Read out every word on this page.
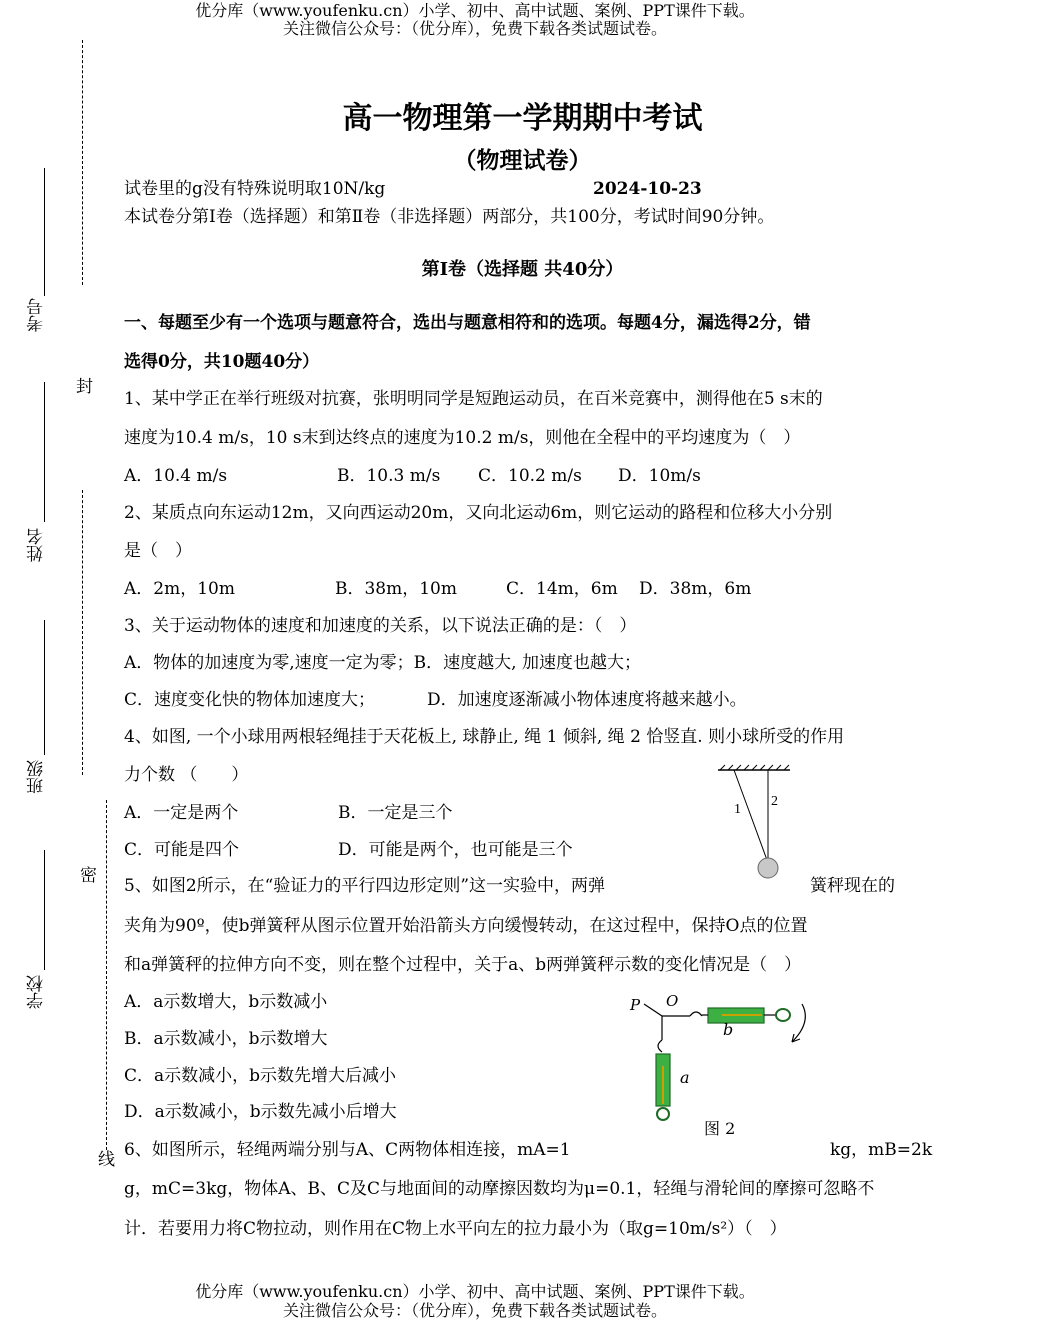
优分库（www.youfenku.cn）小学、初中、高中试题、案例、PPT课件下载。
关注微信公众号：（优分库），免费下载各类试题试卷。
考号
姓名
班级
学校
封
密
线
高一物理第一学期期中考试
（物理试卷）
试卷里的g没有特殊说明取10N/kg	2024-10-23
本试卷分第Ⅰ卷（选择题）和第Ⅱ卷（非选择题）两部分，共100分，考试时间90分钟。
第Ⅰ卷（选择题 共40分）
一、每题至少有一个选项与题意符合，选出与题意相符和的选项。每题4分，漏选得2分，错
选得0分，共10题40分）
1、某中学正在举行班级对抗赛，张明明同学是短跑运动员，在百米竞赛中，测得他在5 s末的
速度为10.4 m/s，10 s末到达终点的速度为10.2 m/s，则他在全程中的平均速度为（　）
A．10.4 m/s	B．10.3 m/s	C．10.2 m/s	D．10m/s
2、某质点向东运动12m，又向西运动20m，又向北运动6m，则它运动的路程和位移大小分别
是（　）
A．2m，10m	B．38m，10m	C．14m，6m	D．38m，6m
3、关于运动物体的速度和加速度的关系，以下说法正确的是：（　）
A．物体的加速度为零,速度一定为零；B．速度越大, 加速度也越大；
C．速度变化快的物体加速度大；	D．加速度逐渐减小物体速度将越来越小。
4、如图, 一个小球用两根轻绳挂于天花板上, 球静止, 绳 1 倾斜, 绳 2 恰竖直. 则小球所受的作用
力个数 （　　）
A．一定是两个	B．一定是三个
C．可能是四个	D．可能是两个，也可能是三个
1
2
5、如图2所示，在“验证力的平行四边形定则”这一实验中，两弹	簧秤现在的
夹角为90º，使b弹簧秤从图示位置开始沿箭头方向缓慢转动，在这过程中，保持O点的位置
和a弹簧秤的拉伸方向不变，则在整个过程中，关于a、b两弹簧秤示数的变化情况是（　）
A．a示数增大，b示数减小
B．a示数减小，b示数增大
C．a示数减小，b示数先增大后减小
D．a示数减小，b示数先减小后增大
P O
b
a
图 2
6、如图所示，轻绳两端分别与A、C两物体相连接，mA=1	kg，mB=2k
g，mC=3kg，物体A、B、C及C与地面间的动摩擦因数均为μ=0.1，轻绳与滑轮间的摩擦可忽略不
计．若要用力将C物拉动，则作用在C物上水平向左的拉力最小为（取g=10m/s²）（　）
优分库（www.youfenku.cn）小学、初中、高中试题、案例、PPT课件下载。
关注微信公众号：（优分库），免费下载各类试题试卷。
